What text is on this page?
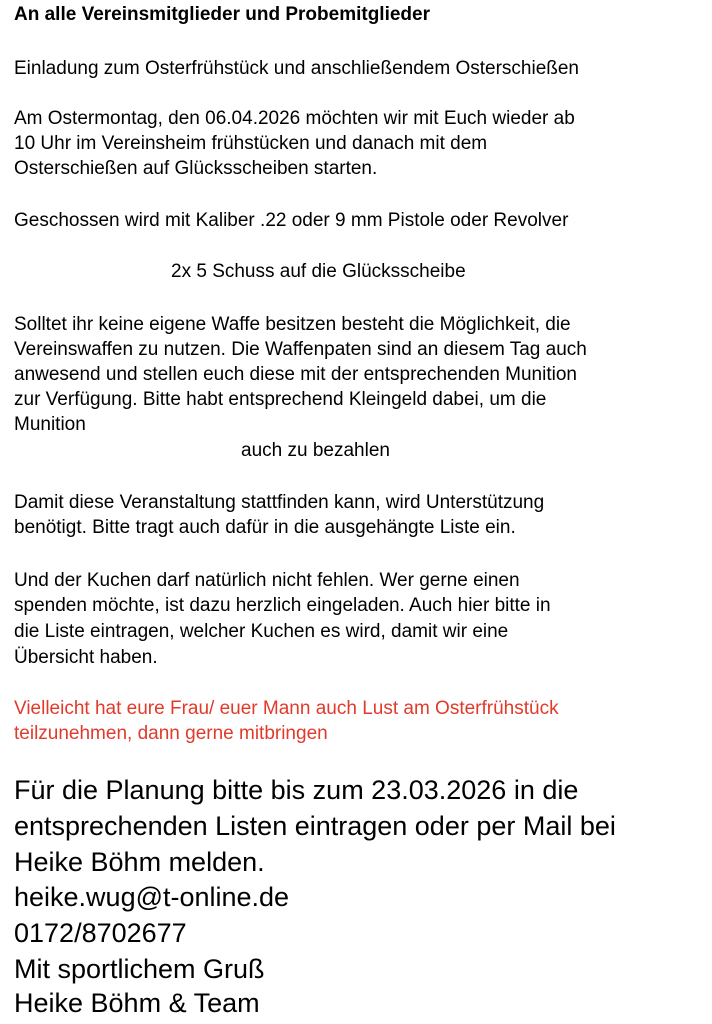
An alle Vereinsmitglieder und Probemitglieder
Einladung zum Osterfrühstück und anschließendem Osterschießen
Am Ostermontag, den 06.04.2026 möchten wir mit Euch wieder ab
10 Uhr im Vereinsheim frühstücken und danach mit dem
Osterschießen auf Glücksscheiben starten.
Geschossen wird mit Kaliber .22 oder 9 mm Pistole oder Revolver
2x 5 Schuss auf die Glücksscheibe
Solltet ihr keine eigene Waffe besitzen besteht die Möglichkeit, die
Vereinswaffen zu nutzen. Die Waffenpaten sind an diesem Tag auch
anwesend und stellen euch diese mit der entsprechenden Munition
zur Verfügung. Bitte habt entsprechend Kleingeld dabei, um die
Munition
auch zu bezahlen
Damit diese Veranstaltung stattfinden kann, wird Unterstützung
benötigt. Bitte tragt auch dafür in die ausgehängte Liste ein.
Und der Kuchen darf natürlich nicht fehlen. Wer gerne einen
spenden möchte, ist dazu herzlich eingeladen. Auch hier bitte in
die Liste eintragen, welcher Kuchen es wird, damit wir eine
Übersicht haben.
Vielleicht hat eure Frau/ euer Mann auch Lust am Osterfrühstück
teilzunehmen, dann gerne mitbringen
Für die Planung bitte bis zum 23.03.2026 in die
entsprechenden Listen eintragen oder per Mail bei
Heike Böhm melden.
heike.wug@t-online.de
0172/8702677
Mit sportlichem Gruß
Heike Böhm & Team
